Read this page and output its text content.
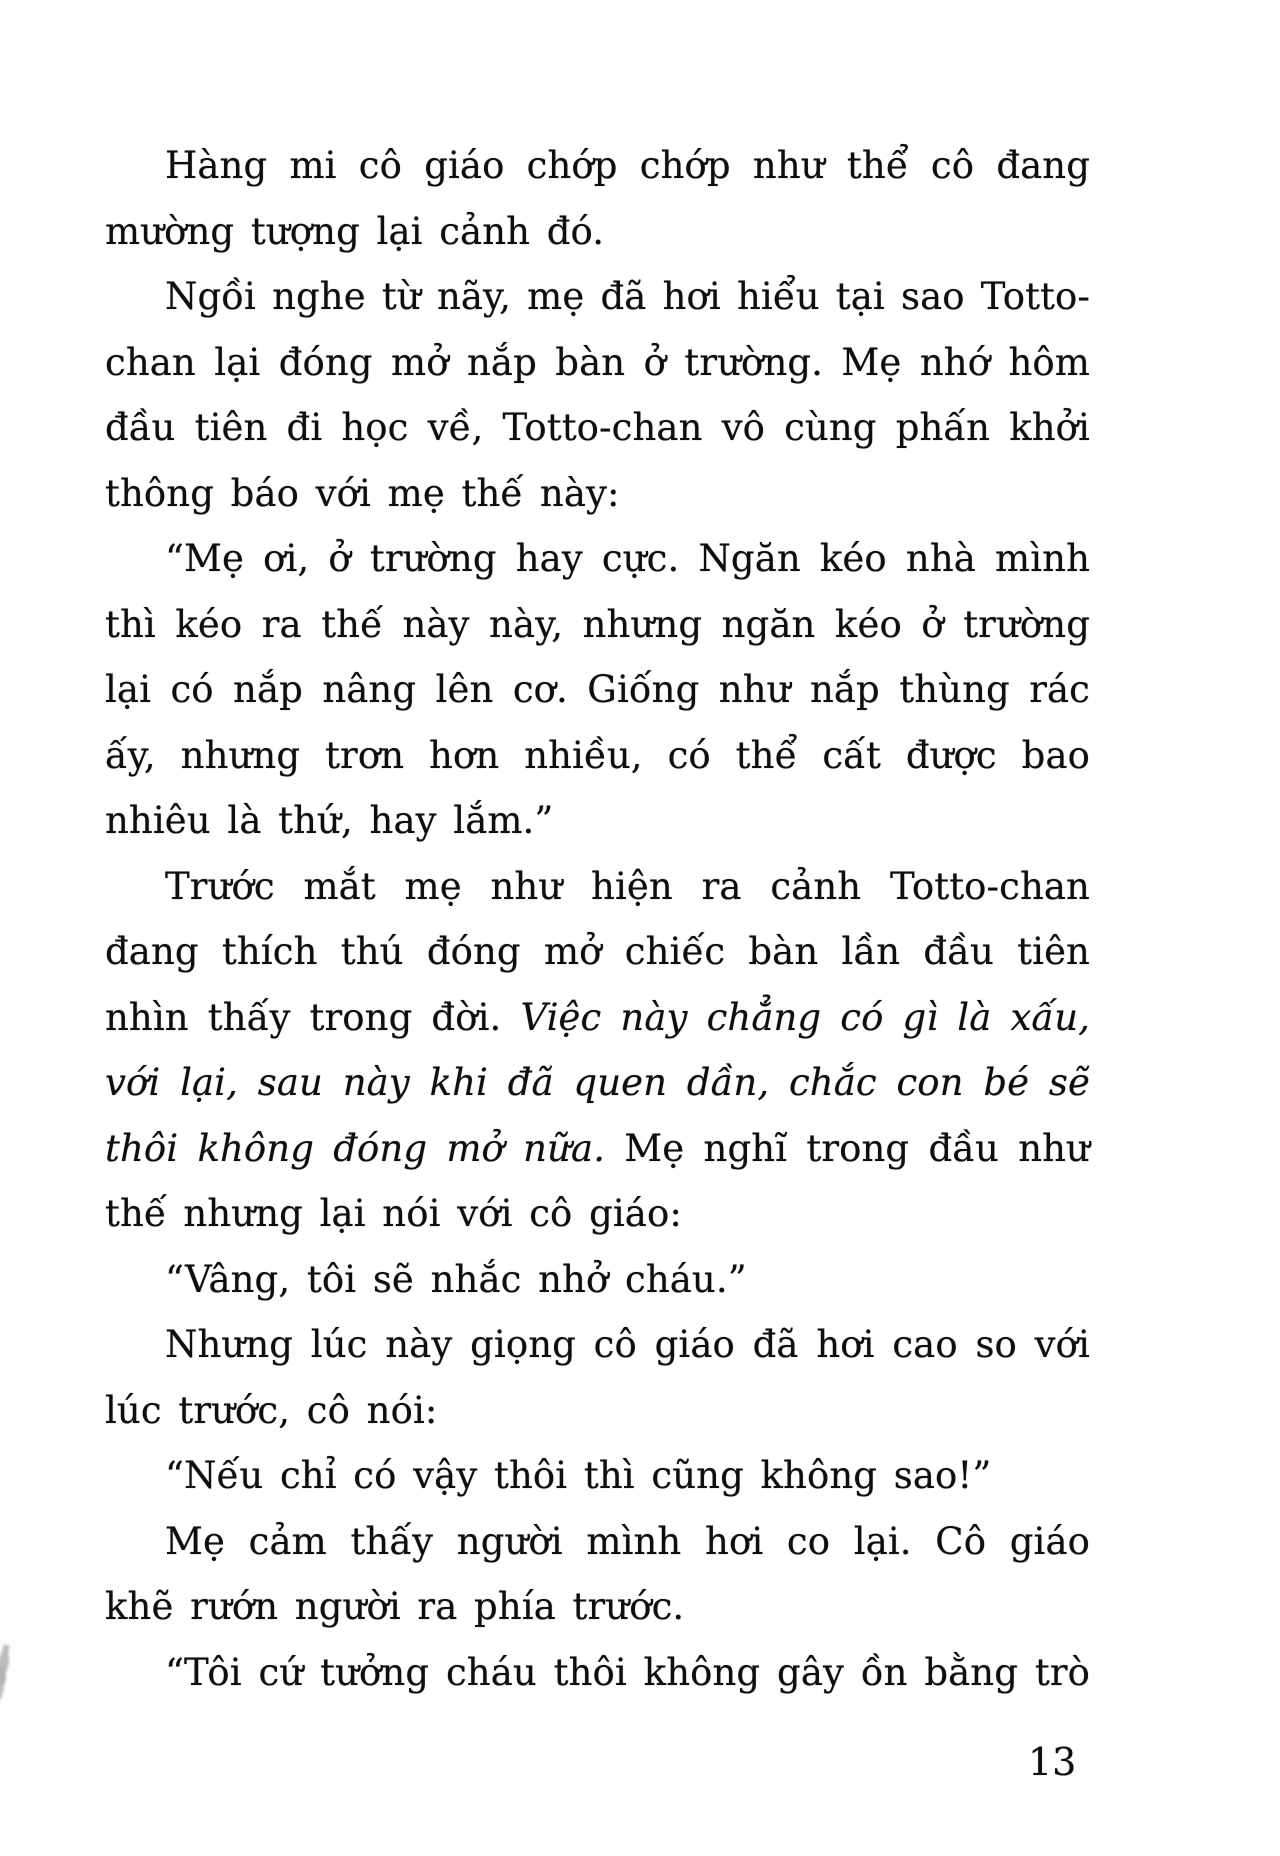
Hàng mi cô giáo chớp chớp như thể cô đang
mường tượng lại cảnh đó.

Ngồi nghe từ nãy, mẹ đã hơi hiểu tại sao Totto-
chan lại đóng mở nắp bàn ở trường. Mẹ nhớ hôm
đầu tiên đi học về, Totto-chan vô cùng phấn khởi
thông báo với mẹ thế này:

“Mẹ ơi, ở trường hay cực. Ngăn kéo nhà mình
thì kéo ra thế này này, nhưng ngăn kéo ở trường
lại có nắp nâng lên cơ. Giống như nắp thùng rác
ấy, nhưng trơn hơn nhiều, có thể cất được bao
nhiêu là thứ, hay lắm.”

Trước mắt mẹ như hiện ra cảnh Totto-chan
đang thích thú đóng mở chiếc bàn lần đầu tiên
nhìn thấy trong đời. Việc này chẳng có gì là xấu,
với lại, sau này khi đã quen dần, chắc con bé sẽ
thôi không đóng mở nữa. Mẹ nghĩ trong đầu như
thế nhưng lại nói với cô giáo:

“Vâng, tôi sẽ nhắc nhở cháu.”

Nhưng lúc này giọng cô giáo đã hơi cao so với
lúc trước, cô nói:

“Nếu chỉ có vậy thôi thì cũng không sao!”

Mẹ cảm thấy người mình hơi co lại. Cô giáo
khẽ rướn người ra phía trước.

“Tôi cứ tưởng cháu thôi không gây ồn bằng trò

13
